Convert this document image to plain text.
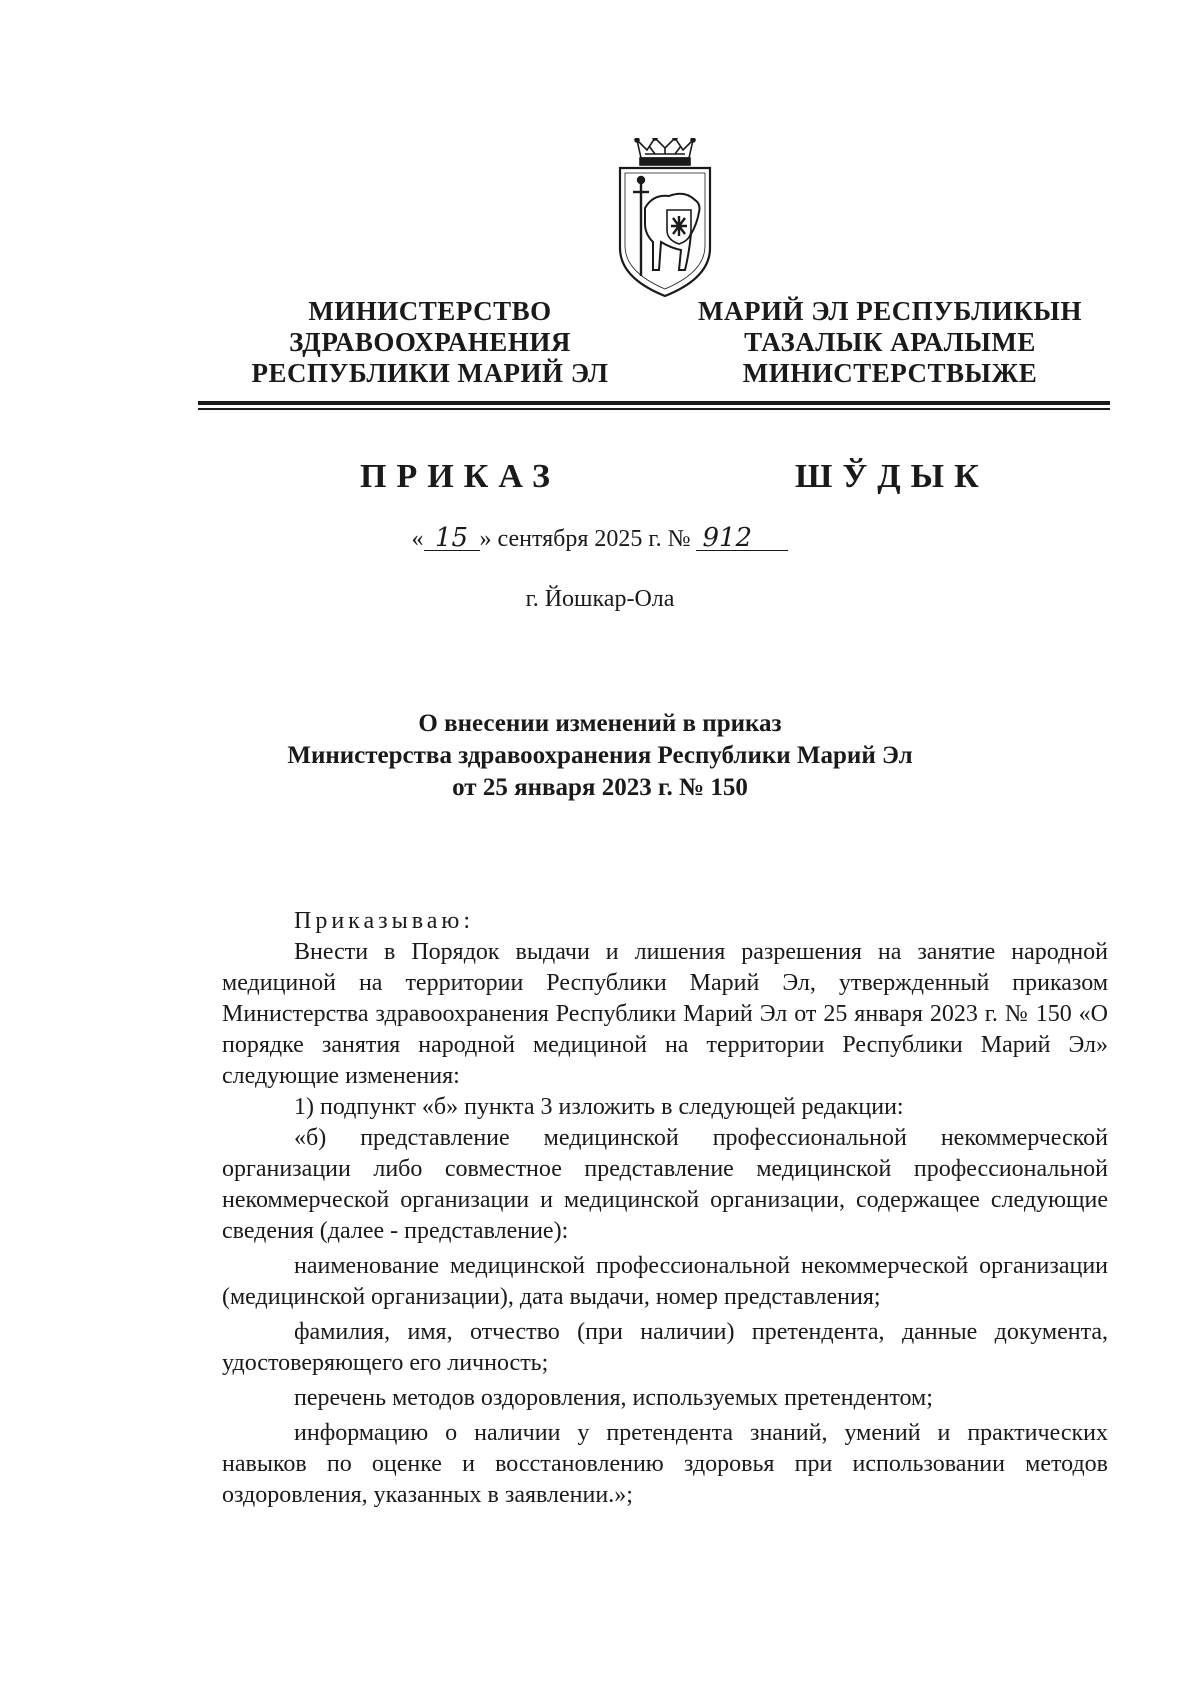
МИНИСТЕРСТВО
ЗДРАВООХРАНЕНИЯ
РЕСПУБЛИКИ МАРИЙ ЭЛ
МАРИЙ ЭЛ РЕСПУБЛИКЫН
ТАЗАЛЫК АРАЛЫМЕ
МИНИСТЕРСТВЫЖЕ
ПРИКАЗ	ШЎДЫК
« 15 » сентября 2025 г. № 912
г. Йошкар-Ола
О внесении изменений в приказ
Министерства здравоохранения Республики Марий Эл
от 25 января 2023 г. № 150
Приказываю:
Внести в Порядок выдачи и лишения разрешения на занятие народной медициной на территории Республики Марий Эл, утвержденный приказом Министерства здравоохранения Республики Марий Эл от 25 января 2023 г. № 150 «О порядке занятия народной медициной на территории Республики Марий Эл» следующие изменения:
1) подпункт «б» пункта 3 изложить в следующей редакции:
«б) представление медицинской профессиональной некоммерческой организации либо совместное представление медицинской профессиональной некоммерческой организации и медицинской организации, содержащее следующие сведения (далее - представление):
наименование медицинской профессиональной некоммерческой организации (медицинской организации), дата выдачи, номер представления;
фамилия, имя, отчество (при наличии) претендента, данные документа, удостоверяющего его личность;
перечень методов оздоровления, используемых претендентом;
информацию о наличии у претендента знаний, умений и практических навыков по оценке и восстановлению здоровья при использовании методов оздоровления, указанных в заявлении.»;
